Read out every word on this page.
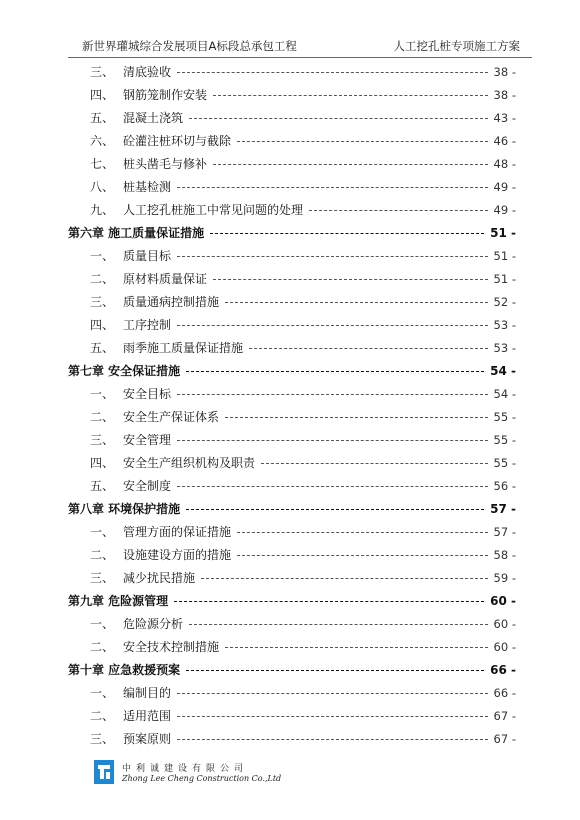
新世界瓘城综合发展项目A标段总承包工程	人工挖孔桩专项施工方案
三、 清底验收	38 -
四、 钢筋笼制作安装	38 -
五、 混凝土浇筑	43 -
六、 砼灌注桩环切与截除	46 -
七、 桩头凿毛与修补	48 -
八、 桩基检测	49 -
九、 人工挖孔桩施工中常见问题的处理	49 -
第六章 施工质量保证措施	51 -
一、 质量目标	51 -
二、 原材料质量保证	51 -
三、 质量通病控制措施	52 -
四、 工序控制	53 -
五、 雨季施工质量保证措施	53 -
第七章 安全保证措施	54 -
一、 安全目标	54 -
二、 安全生产保证体系	55 -
三、 安全管理	55 -
四、 安全生产组织机构及职责	55 -
五、 安全制度	56 -
第八章 环境保护措施	57 -
一、 管理方面的保证措施	57 -
二、 设施建设方面的措施	58 -
三、 减少扰民措施	59 -
第九章 危险源管理	60 -
一、 危险源分析	60 -
二、 安全技术控制措施	60 -
第十章 应急救援预案	66 -
一、 编制目的	66 -
二、 适用范围	67 -
三、 预案原则	67 -
中利诚建设有限公司
Zhong Lee Cheng Construction Co.,Ltd
